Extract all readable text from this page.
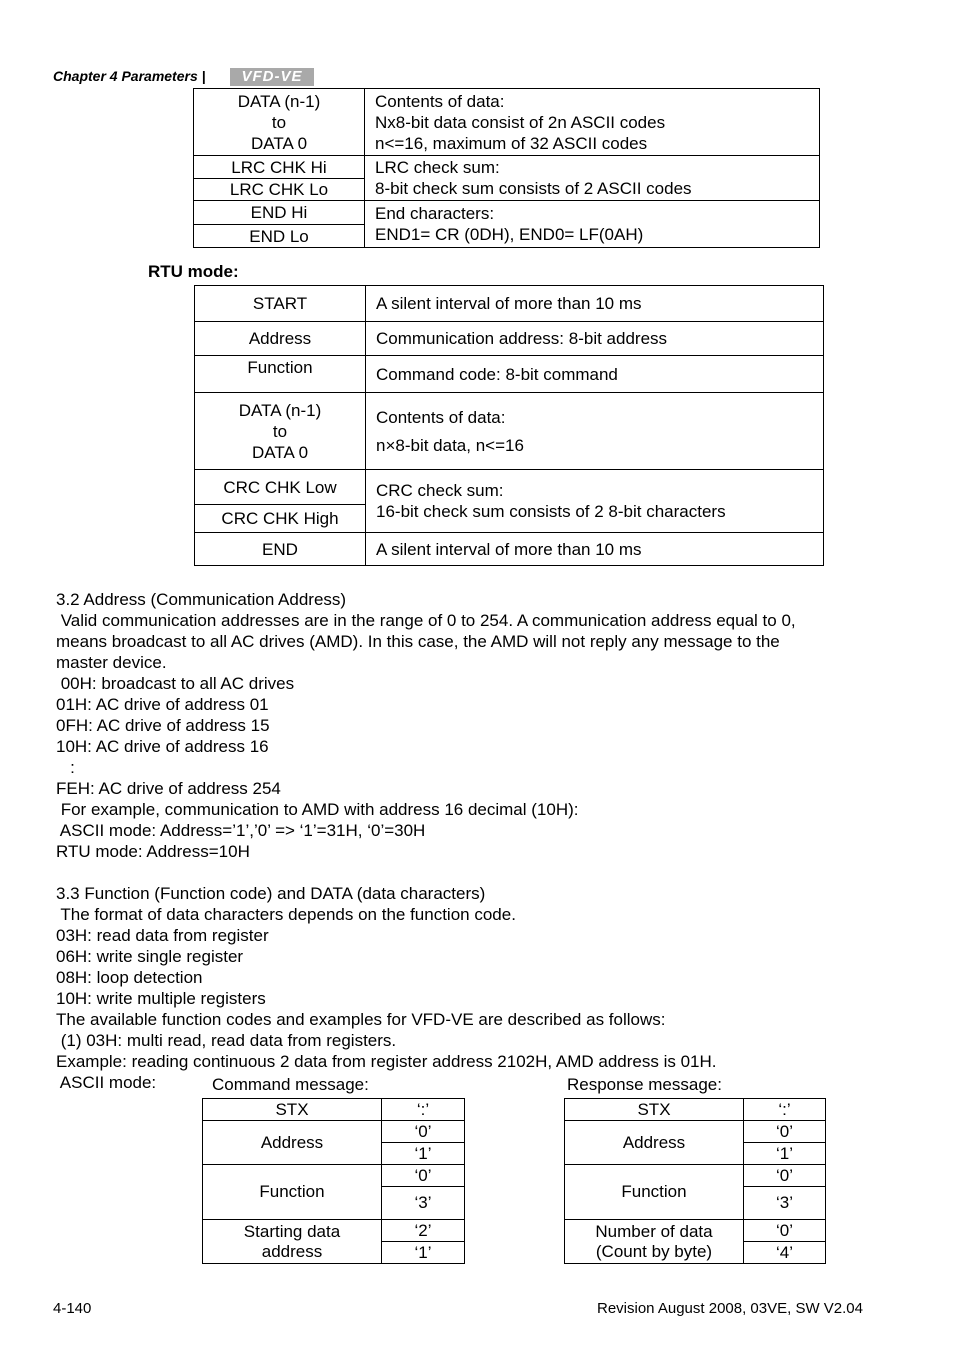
Chapter 4 Parameters |	VFD-VE
DATA (n-1)
to
DATA 0	Contents of data:
Nx8-bit data consist of 2n ASCII codes
n<=16, maximum of 32 ASCII codes

LRC CHK Hi	LRC check sum:
8-bit check sum consists of 2 ASCII codes

LRC CHK Lo	
END Hi	End characters:
END1= CR (0DH), END0= LF(0AH)

END Lo	
RTU mode:
START	A silent interval of more than 10 ms
Address	Communication address: 8-bit address
Function	Command code: 8-bit command

DATA (n-1)
to
DATA 0	Contents of data:
n×8-bit data, n<=16

CRC CHK Low	CRC check sum:
16-bit check sum consists of 2 8-bit characters

CRC CHK High	
END	A silent interval of more than 10 ms

3.2 Address (Communication Address)
Valid communication addresses are in the range of 0 to 254. A communication address equal to 0,
means broadcast to all AC drives (AMD). In this case, the AMD will not reply any message to the
master device.
00H: broadcast to all AC drives
01H: AC drive of address 01
0FH: AC drive of address 15
10H: AC drive of address 16
:
FEH: AC drive of address 254
For example, communication to AMD with address 16 decimal (10H):
ASCII mode: Address=’1’,’0’ => ‘1’=31H, ‘0’=30H
RTU mode: Address=10H
3.3 Function (Function code) and DATA (data characters)
The format of data characters depends on the function code.
03H: read data from register
06H: write single register
08H: loop detection
10H: write multiple registers
The available function codes and examples for VFD-VE are described as follows:
(1) 03H: multi read, read data from registers.
Example: reading continuous 2 data from register address 2102H, AMD address is 01H.
ASCII mode:	Command message:	Response message:
STX	‘:’
Address	‘0’
	‘1’
Function	‘0’
	‘3’

Starting data
address	‘2’
	‘1’
STX	‘:’
Address	‘0’
	‘1’
Function	‘0’
	‘3’

Number of data
(Count by byte)	‘0’
	‘4’
4-140	Revision August 2008, 03VE, SW V2.04
